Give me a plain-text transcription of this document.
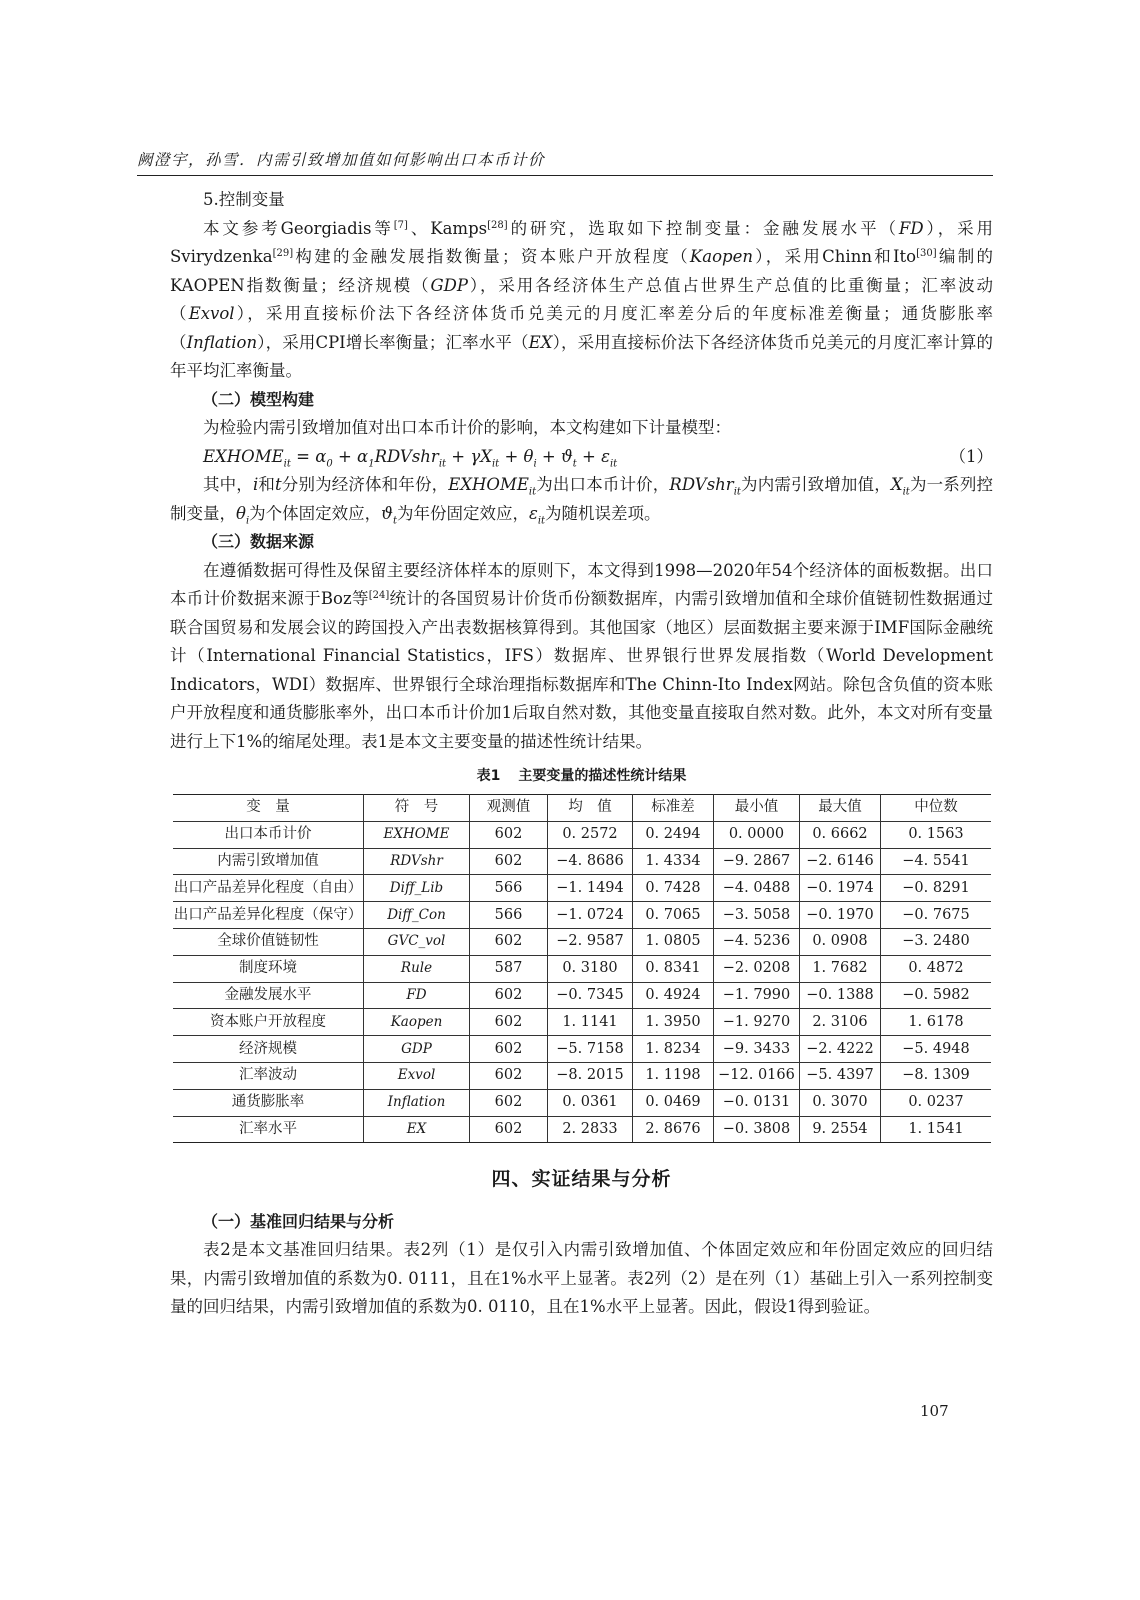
阙澄宇，孙雪．内需引致增加值如何影响出口本币计价
5.控制变量

本文参考Georgiadis等[7]、Kamps[28]的研究，选取如下控制变量：金融发展水平（FD），采用Svirydzenka[29]构建的金融发展指数衡量；资本账户开放程度（Kaopen），采用Chinn和Ito[30]编制的KAOPEN指数衡量；经济规模（GDP），采用各经济体生产总值占世界生产总值的比重衡量；汇率波动（Exvol），采用直接标价法下各经济体货币兑美元的月度汇率差分后的年度标准差衡量；通货膨胀率（Inflation），采用CPI增长率衡量；汇率水平（EX），采用直接标价法下各经济体货币兑美元的月度汇率计算的年平均汇率衡量。

（二）模型构建

为检验内需引致增加值对出口本币计价的影响，本文构建如下计量模型：

$EXHOME_{it} = \alpha_0$ + $\alpha_1RDVshr_{it} + \gamma X_{it} + \theta_i + ϑ_t + \varepsilon_{it}$	（1）

其中，i和t分别为经济体和年份，$EXHOME_{it}$为出口本币计价，RDVshr$_{it}$为内需引致增加值，$X_{it}$为一系列控制变量，$\theta_i$为个体固定效应，$ϑ_t$为年份固定效应，$\varepsilon_{it}$为随机误差项。

（三）数据来源

在遵循数据可得性及保留主要经济体样本的原则下，本文得到1998—2020年54个经济体的面板数据。出口本币计价数据来源于Boz等[24]统计的各国贸易计价货币份额数据库，内需引致增加值和全球价值链韧性数据通过联合国贸易和发展会议的跨国投入产出表数据核算得到。其他国家（地区）层面数据主要来源于IMF国际金融统计（International Financial Statistics，IFS）数据库、世界银行世界发展指数（World Development Indicators，WDI）数据库、世界银行全球治理指标数据库和The Chinn-Ito Index网站。除包含负值的资本账户开放程度和通货膨胀率外，出口本币计价加1后取自然对数，其他变量直接取自然对数。此外，本文对所有变量进行上下1%的缩尾处理。表1是本文主要变量的描述性统计结果。

表1 主要变量的描述性统计结果
变　量	符　号	观测值	均　值	标准差	最小值	最大值	中位数
出口本币计价	EXHOME	602	0. 2572	0. 2494	0. 0000	0. 6662	0. 1563
内需引致增加值	RDVshr	602	−4. 8686	1. 4334	−9. 2867	−2. 6146	−4. 5541
出口产品差异化程度（自由）	Diff_Lib	566	−1. 1494	0. 7428	−4. 0488	−0. 1974	−0. 8291
出口产品差异化程度（保守）	Diff_Con	566	−1. 0724	0. 7065	−3. 5058	−0. 1970	−0. 7675
全球价值链韧性	GVC_vol	602	−2. 9587	1. 0805	−4. 5236	0. 0908	−3. 2480
制度环境	Rule	587	0. 3180	0. 8341	−2. 0208	1. 7682	0. 4872
金融发展水平	FD	602	−0. 7345	0. 4924	−1. 7990	−0. 1388	−0. 5982
资本账户开放程度	Kaopen	602	1. 1141	1. 3950	−1. 9270	2. 3106	1. 6178
经济规模	GDP	602	−5. 7158	1. 8234	−9. 3433	−2. 4222	−5. 4948
汇率波动	Exvol	602	−8. 2015	1. 1198	−12. 0166	−5. 4397	−8. 1309
通货膨胀率	Inflation	602	0. 0361	0. 0469	−0. 0131	0. 3070	0. 0237
汇率水平	EX	602	2. 2833	2. 8676	−0. 3808	9. 2554	1. 1541
四、实证结果与分析
（一）基准回归结果与分析

表2是本文基准回归结果。表2列（1）是仅引入内需引致增加值、个体固定效应和年份固定效应的回归结果，内需引致增加值的系数为0. 0111，且在1%水平上显著。表2列（2）是在列（1）基础上引入一系列控制变量的回归结果，内需引致增加值的系数为0. 0110，且在1%水平上显著。因此，假设1得到验证。

107
